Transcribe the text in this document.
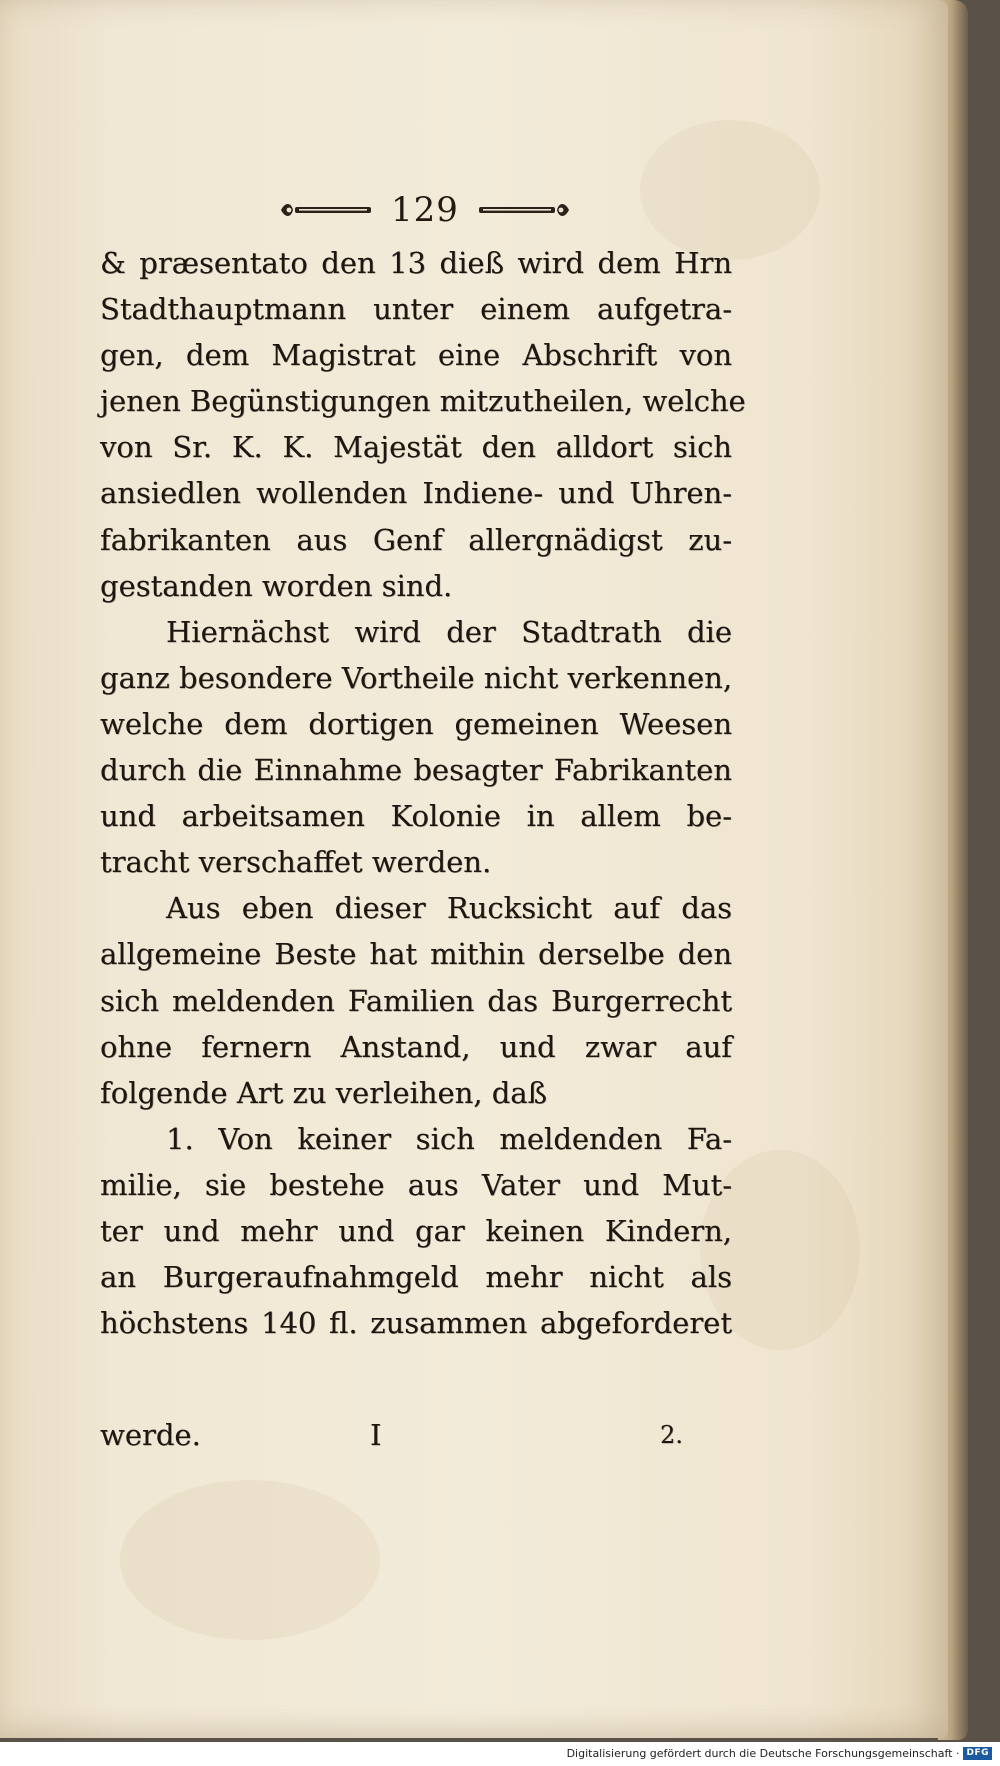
129
& præsentato den 13 dieß wird dem Hrn
Stadthauptmann unter einem aufgetra-
gen, dem Magistrat eine Abschrift von
jenen Begünstigungen mitzutheilen, welche
von Sr. K. K. Majestät den alldort sich
ansiedlen wollenden Indiene- und Uhren-
fabrikanten aus Genf allergnädigst zu-
gestanden worden sind.
Hiernächst wird der Stadtrath die
ganz besondere Vortheile nicht verkennen,
welche dem dortigen gemeinen Weesen
durch die Einnahme besagter Fabrikanten
und arbeitsamen Kolonie in allem be-
tracht verschaffet werden.
Aus eben dieser Rucksicht auf das
allgemeine Beste hat mithin derselbe den
sich meldenden Familien das Burgerrecht
ohne fernern Anstand, und zwar auf
folgende Art zu verleihen, daß
1. Von keiner sich meldenden Fa-
milie, sie bestehe aus Vater und Mut-
ter und mehr und gar keinen Kindern,
an Burgeraufnahmgeld mehr nicht als
höchstens 140 fl. zusammen abgeforderet
werde.	I	2.
Digitalisierung gefördert durch die Deutsche Forschungsgemeinschaft · DFG
